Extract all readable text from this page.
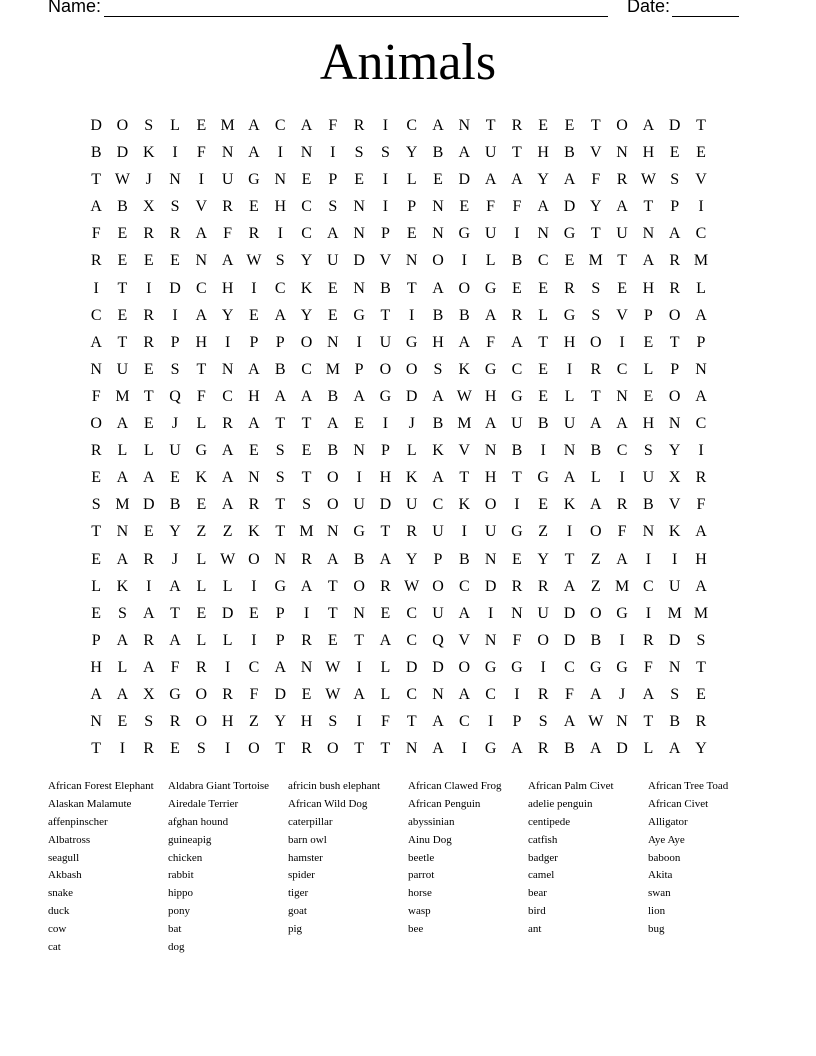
Name:	Date:
Animals
D O	S	L	E M A C A	F	R	I	C A N T	R	E	E	T O A D T
B D K	I	F	N A	I	N	I	S	S	Y B A U T H B V N H E	E
T W J	N	I	U G N E	P	E	I	L	E D A A Y A	F	R W S	V
A B X	S	V R	E H C	S	N	I	P	N E	F	F	A D Y A T	P	I
F	E	R R A	F	R	I	C A N	P	E N G U	I	N G T U N A C
R	E	E	E N A W S	Y U D V N O	I	L	B C	E M T A R M
I	T	I	D C H	I	C K E N B	T A O G E	E	R	S	E H R	L
C	E	R	I	A Y E A Y E G T	I	B B A R	L G	S	V	P	O A
A T	R	P	H	I	P	P	O N	I	U G H A	F	A T H O	I	E	T	P
N U E	S	T N A B C M P	O O	S	K G C	E	I	R C	L	P	N
F M T Q	F	C H A A B A G D A W H G E	L	T N E O A
O A E	J	L	R A T	T A E	I	J	B M A U B U A A H N C
R	L	L U G A E	S	E	B N	P	L K V N B	I	N B C	S	Y	I
E A A E K A N	S	T O	I	H K A T H T G A L	I	U X R
S M D B	E A R	T	S	O U D U C K O	I	E K A R B V	F
T N E Y Z	Z K T M N G T	R U	I	U G Z	I	O	F	N K A
E A R	J	L W O N R A B A Y	P	B N E Y T	Z A	I	I	H
L K	I	A L	L	I	G A T O R W O C D R R A Z M C U A
E	S	A T	E D E	P	I	T N E	C U A	I	N U D O G	I	M M
P	A R A L	L	I	P	R	E	T A C Q V N	F	O D B	I	R D	S
H L A	F	R	I	C A N W	I	L D D O G G	I	C G G	F	N T
A A X G O R	F	D E W A L	C N A C	I	R	F	A	J	A	S	E
N E	S	R O H Z Y H	S	I	F	T A C	I	P	S	A W N T	B R
T	I	R	E	S	I	O T	R O T	T N A	I	G A R B A D L A Y
African Forest Elephant	Aldabra Giant Tortoise	africin bush elephant	African Clawed Frog	African Palm Civet	African Tree Toad
Alaskan Malamute	Airedale Terrier	African Wild Dog	African Penguin	adelie penguin	African Civet
affenpinscher	afghan hound	caterpillar	abyssinian	centipede	Alligator
Albatross	guineapig	barn owl	Ainu Dog	catfish	Aye Aye
seagull	chicken	hamster	beetle	badger	baboon
Akbash	rabbit	spider	parrot	camel	Akita
snake	hippo	tiger	horse	bear	swan
duck	pony	goat	wasp	bird	lion
cow	bat	pig	bee	ant	bug
cat	dog
